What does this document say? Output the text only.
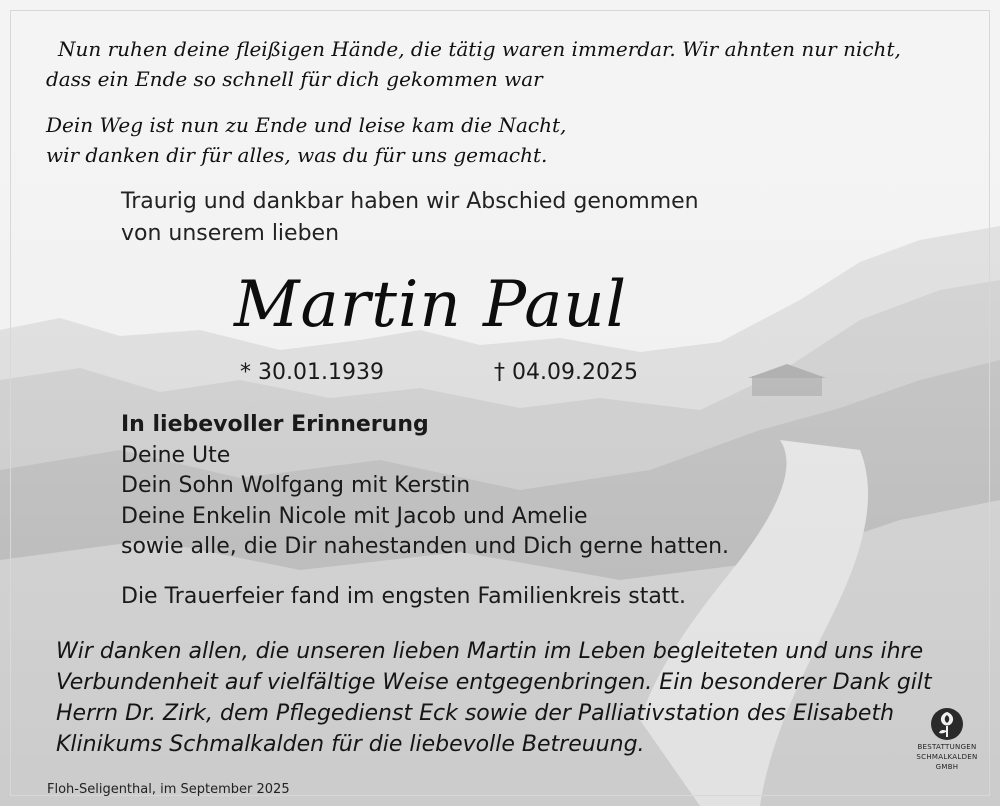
Nun ruhen deine fleißigen Hände, die tätig waren immerdar. Wir ahnten nur nicht,
dass ein Ende so schnell für dich gekommen war
Dein Weg ist nun zu Ende und leise kam die Nacht,
wir danken dir für alles, was du für uns gemacht.
Traurig und dankbar haben wir Abschied genommen
von unserem lieben
Martin Paul
* 30.01.1939	† 04.09.2025
In liebevoller Erinnerung
Deine Ute
Dein Sohn Wolfgang mit Kerstin
Deine Enkelin Nicole mit Jacob und Amelie
sowie alle, die Dir nahestanden und Dich gerne hatten.
Die Trauerfeier fand im engsten Familienkreis statt.
Wir danken allen, die unseren lieben Martin im Leben begleiteten und uns ihre
Verbundenheit auf vielfältige Weise entgegenbringen. Ein besonderer Dank gilt
Herrn Dr. Zirk, dem Pflegedienst Eck sowie der Palliativstation des Elisabeth
Klinikums Schmalkalden für die liebevolle Betreuung.
Floh-Seligenthal, im September 2025
BESTATTUNGEN
SCHMALKALDEN
GMBH
